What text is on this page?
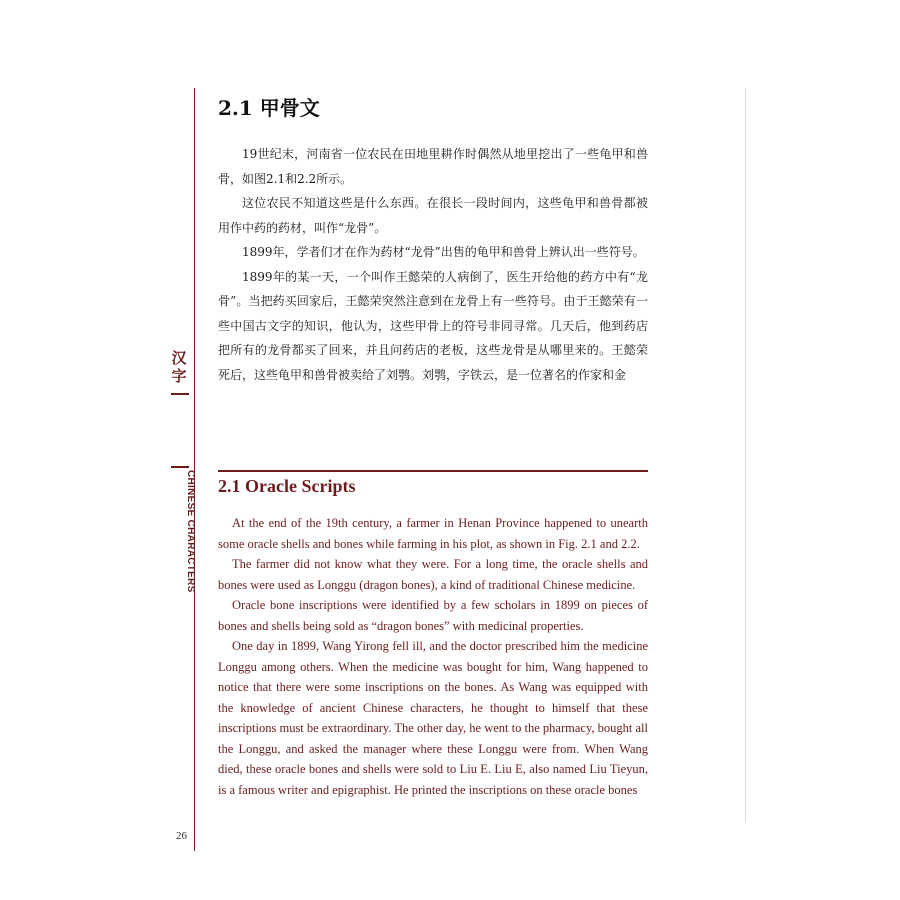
汉字
CHINESE CHARACTERS
2.1 甲骨文

19世纪末，河南省一位农民在田地里耕作时偶然从地里挖出了一些龟甲和兽骨，如图2.1和2.2所示。

这位农民不知道这些是什么东西。在很长一段时间内，这些龟甲和兽骨都被用作中药的药材，叫作“龙骨”。

1899年，学者们才在作为药材“龙骨”出售的龟甲和兽骨上辨认出一些符号。

1899年的某一天，一个叫作王懿荣的人病倒了，医生开给他的药方中有“龙骨”。当把药买回家后，王懿荣突然注意到在龙骨上有一些符号。由于王懿荣有一些中国古文字的知识，他认为，这些甲骨上的符号非同寻常。几天后，他到药店把所有的龙骨都买了回来，并且问药店的老板，这些龙骨是从哪里来的。王懿荣死后，这些龟甲和兽骨被卖给了刘鹗。刘鹗，字铁云，是一位著名的作家和金

2.1 Oracle Scripts

At the end of the 19th century, a farmer in Henan Province happened to unearth some oracle shells and bones while farming in his plot, as shown in Fig. 2.1 and 2.2.

The farmer did not know what they were. For a long time, the oracle shells and bones were used as Longgu (dragon bones), a kind of traditional Chinese medicine.

Oracle bone inscriptions were identified by a few scholars in 1899 on pieces of bones and shells being sold as “dragon bones” with medicinal properties.

One day in 1899, Wang Yirong fell ill, and the doctor prescribed him the medicine Longgu among others. When the medicine was bought for him, Wang happened to notice that there were some inscriptions on the bones. As Wang was equipped with the knowledge of ancient Chinese characters, he thought to himself that these inscriptions must be extraordinary. The other day, he went to the pharmacy, bought all the Longgu, and asked the manager where these Longgu were from. When Wang died, these oracle bones and shells were sold to Liu E. Liu E, also named Liu Tieyun, is a famous writer and epigraphist. He printed the inscriptions on these oracle bones

26
